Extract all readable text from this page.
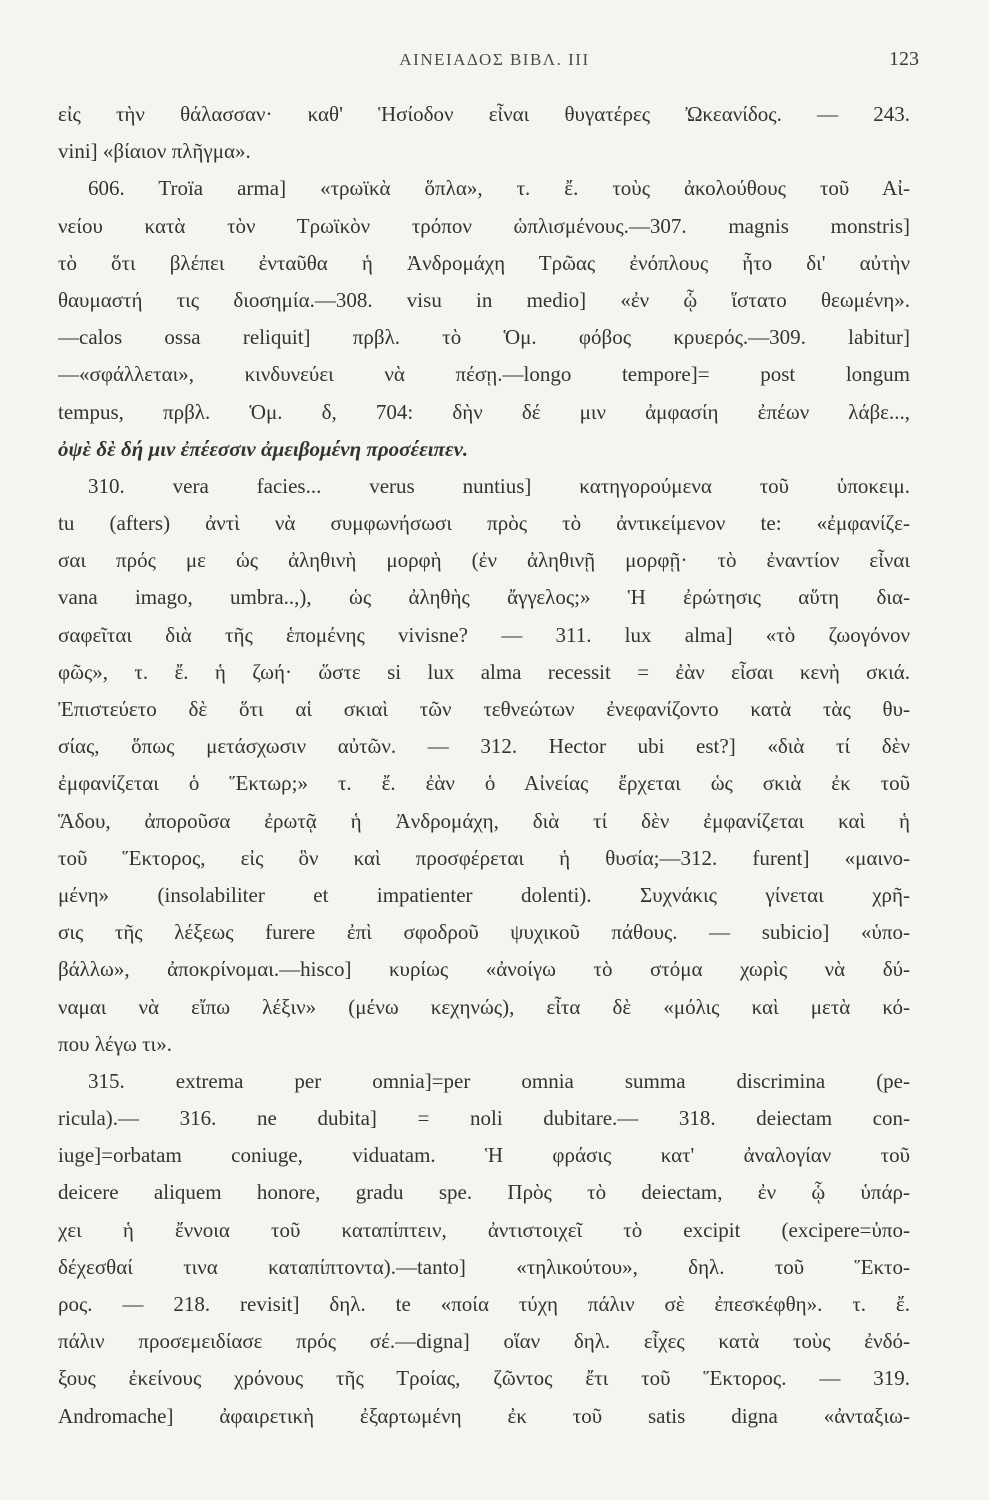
ΑΙΝΕΙΑΔΟΣ ΒΙΒΛ. III	123
εἰς τὴν θάλασσαν· καθ' Ἡσίοδον εἶναι θυγατέρες Ὠκεανίδος. — 243.
vini] «βίαιον πλῆγμα».
606. Troïa arma] «τρωϊκὰ ὅπλα», τ. ἔ. τοὺς ἀκολούθους τοῦ Αἰ-
νείου κατὰ τὸν Τρωϊκὸν τρόπον ὡπλισμένους.—307. magnis monstris]
τὸ ὅτι βλέπει ἐνταῦθα ἡ Ἀνδρομάχη Τρῶας ἐνόπλους ἦτο δι' αὐτὴν
θαυμαστή τις διοσημία.—308. visu in medio] «ἐν ᾧ ἵστατο θεωμένη».
—calos ossa reliquit] πρβλ. τὸ Ὁμ. φόβος κρυερός.—309. labitur]
—«σφάλλεται», κινδυνεύει νὰ πέσῃ.—longo tempore]= post longum
tempus, πρβλ. Ὁμ. δ, 704: δὴν δέ μιν ἀμφασίη ἐπέων λάβε...,
ὀψὲ δὲ δή μιν ἐπέεσσιν ἀμειβομένη προσέειπεν.
310. vera facies... verus nuntius] κατηγορούμενα τοῦ ὑποκειμ.
tu (afters) ἀντὶ νὰ συμφωνήσωσι πρὸς τὸ ἀντικείμενον te: «ἐμφανίζε-
σαι πρός με ὡς ἀληθινὴ μορφὴ (ἐν ἀληθινῇ μορφῇ· τὸ ἐναντίον εἶναι
vana imago, umbra..,), ὡς ἀληθὴς ἄγγελος;» Ἡ ἐρώτησις αὕτη δια-
σαφεῖται διὰ τῆς ἑπομένης vivisne? — 311. lux alma] «τὸ ζωογόνον
φῶς», τ. ἔ. ἡ ζωή· ὥστε si lux alma recessit = ἐὰν εἶσαι κενὴ σκιά.
Ἐπιστεύετο δὲ ὅτι αἱ σκιαὶ τῶν τεθνεώτων ἐνεφανίζοντο κατὰ τὰς θυ-
σίας, ὅπως μετάσχωσιν αὐτῶν. — 312. Hector ubi est?] «διὰ τί δὲν
ἐμφανίζεται ὁ Ἕκτωρ;» τ. ἔ. ἐὰν ὁ Αἰνείας ἔρχεται ὡς σκιὰ ἐκ τοῦ
Ἅδου, ἀποροῦσα ἐρωτᾷ ἡ Ἀνδρομάχη, διὰ τί δὲν ἐμφανίζεται καὶ ἡ
τοῦ Ἕκτορος, εἰς ὃν καὶ προσφέρεται ἡ θυσία;—312. furent] «μαινο-
μένη» (insolabiliter et impatienter dolenti). Συχνάκις γίνεται χρῆ-
σις τῆς λέξεως furere ἐπὶ σφοδροῦ ψυχικοῦ πάθους. — subicio] «ὑπο-
βάλλω», ἀποκρίνομαι.—hisco] κυρίως «ἀνοίγω τὸ στόμα χωρὶς νὰ δύ-
ναμαι νὰ εἴπω λέξιν» (μένω κεχηνώς), εἶτα δὲ «μόλις καὶ μετὰ κό-
που λέγω τι».
315. extrema per omnia]=per omnia summa discrimina (pe-
ricula).— 316. ne dubita] = noli dubitare.— 318. deiectam con-
iuge]=orbatam coniuge, viduatam. Ἡ φράσις κατ' ἀναλογίαν τοῦ
deicere aliquem honore, gradu spe. Πρὸς τὸ deiectam, ἐν ᾧ ὑπάρ-
χει ἡ ἔννοια τοῦ καταπίπτειν, ἀντιστοιχεῖ τὸ excipit (excipere=ὑπο-
δέχεσθαί τινα καταπίπτοντα).—tanto] «τηλικούτου», δηλ. τοῦ Ἕκτο-
ρος. — 218. revisit] δηλ. te «ποία τύχη πάλιν σὲ ἐπεσκέφθη». τ. ἔ.
πάλιν προσεμειδίασε πρός σέ.—digna] οἵαν δηλ. εἶχες κατὰ τοὺς ἐνδό-
ξους ἐκείνους χρόνους τῆς Τροίας, ζῶντος ἔτι τοῦ Ἕκτορος. — 319.
Andromache] ἀφαιρετικὴ ἐξαρτωμένη ἐκ τοῦ satis digna «ἀνταξιω-
